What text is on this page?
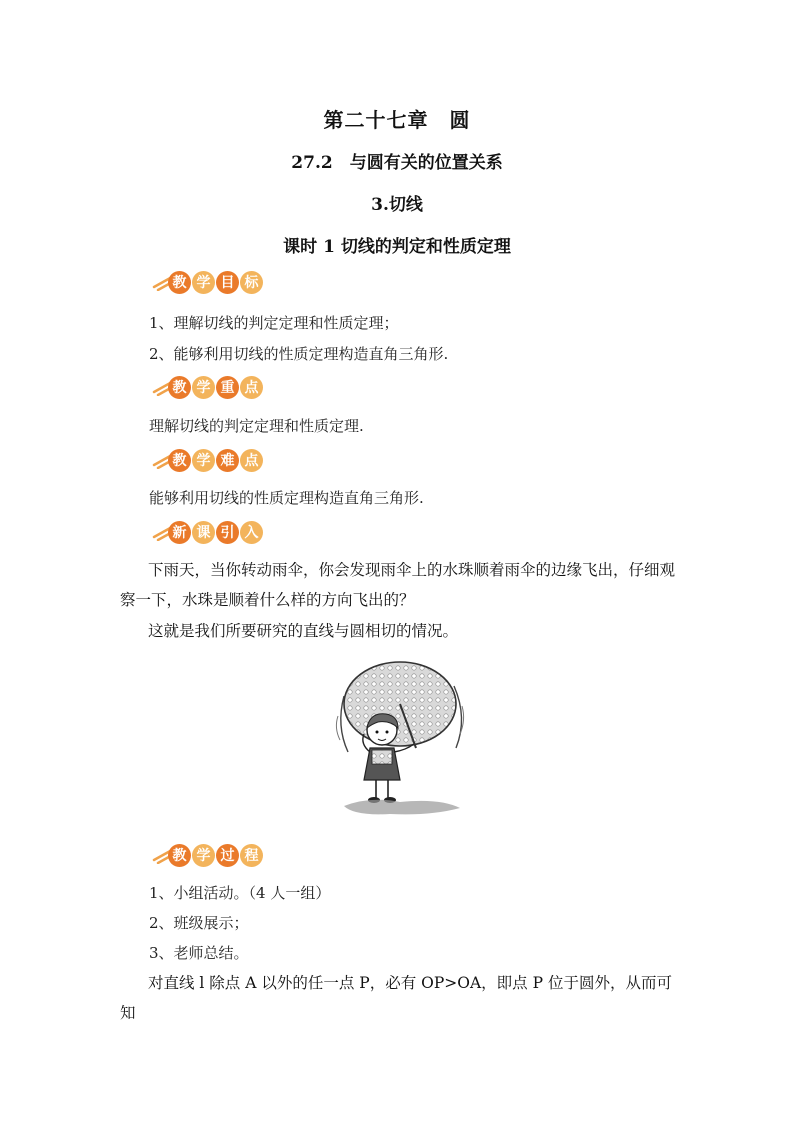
第二十七章　圆
27.2　与圆有关的位置关系
3.切线
课时 1 切线的判定和性质定理
教 学 目 标
1、理解切线的判定定理和性质定理；
2、能够利用切线的性质定理构造直角三角形.
教 学 重 点
理解切线的判定定理和性质定理.
教 学 难 点
能够利用切线的性质定理构造直角三角形.
新 课 引 入
下雨天，当你转动雨伞，你会发现雨伞上的水珠顺着雨伞的边缘飞出，仔细观察一下，水珠是顺着什么样的方向飞出的？
这就是我们所要研究的直线与圆相切的情况。
教 学 过 程
1、小组活动。（4 人一组）
2、班级展示；
3、老师总结。
对直线 l 除点 A 以外的任一点 P，必有 OP>OA，即点 P 位于圆外，从而可知
